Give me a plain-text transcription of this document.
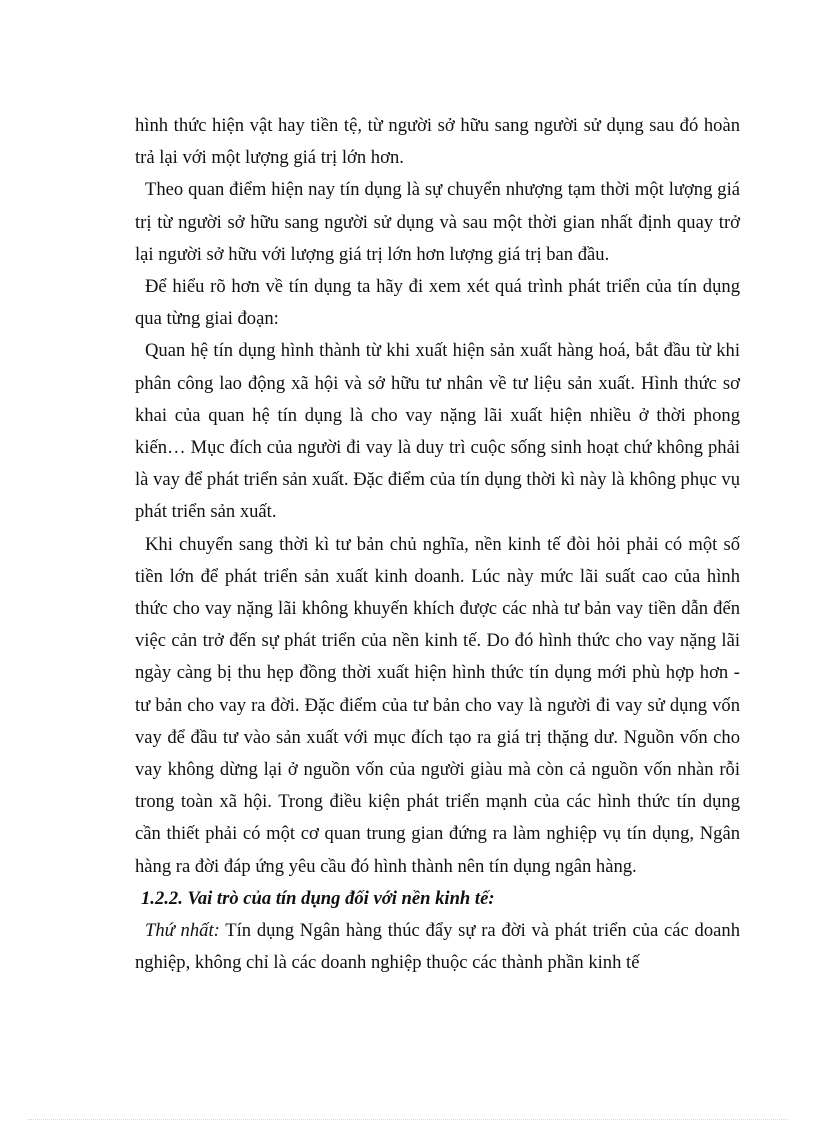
hình thức hiện vật hay tiền tệ, từ người sở hữu sang người sử dụng sau đó hoàn trả lại với một lượng giá trị lớn hơn.

Theo quan điểm hiện nay tín dụng là sự chuyển nhượng tạm thời một lượng giá trị từ người sở hữu sang người sử dụng và sau một thời gian nhất định quay trở lại người sở hữu với lượng giá trị lớn hơn lượng giá trị ban đầu.

Để hiểu rõ hơn về tín dụng ta hãy đi xem xét quá trình phát triển của tín dụng qua từng giai đoạn:

Quan hệ tín dụng hình thành từ khi xuất hiện sản xuất hàng hoá, bắt đầu từ khi phân công lao động xã hội và sở hữu tư nhân về tư liệu sản xuất. Hình thức sơ khai của quan hệ tín dụng là cho vay nặng lãi xuất hiện nhiều ở thời phong kiến… Mục đích của người đi vay là duy trì cuộc sống sinh hoạt chứ không phải là vay để phát triển sản xuất. Đặc điểm của tín dụng thời kì này là không phục vụ phát triển sản xuất.

Khi chuyển sang thời kì tư bản chủ nghĩa, nền kinh tế đòi hỏi phải có một số tiền lớn để phát triển sản xuất kinh doanh. Lúc này mức lãi suất cao của hình thức cho vay nặng lãi không khuyến khích được các nhà tư bản vay tiền dẫn đến việc cản trở đến sự phát triển của nền kinh tế. Do đó hình thức cho vay nặng lãi ngày càng bị thu hẹp đồng thời xuất hiện hình thức tín dụng mới phù hợp hơn - tư bản cho vay ra đời. Đặc điểm của tư bản cho vay là người đi vay sử dụng vốn vay để đầu tư vào sản xuất với mục đích tạo ra giá trị thặng dư. Nguồn vốn cho vay không dừng lại ở nguồn vốn của người giàu mà còn cả nguồn vốn nhàn rỗi trong toàn xã hội. Trong điều kiện phát triển mạnh của các hình thức tín dụng cần thiết phải có một cơ quan trung gian đứng ra làm nghiệp vụ tín dụng, Ngân hàng ra đời đáp ứng yêu cầu đó hình thành nên tín dụng ngân hàng.

1.2.2. Vai trò của tín dụng đối với nền kinh tế:

Thứ nhất: Tín dụng Ngân hàng thúc đẩy sự ra đời và phát triển của các doanh nghiệp, không chỉ là các doanh nghiệp thuộc các thành phần kinh tế
